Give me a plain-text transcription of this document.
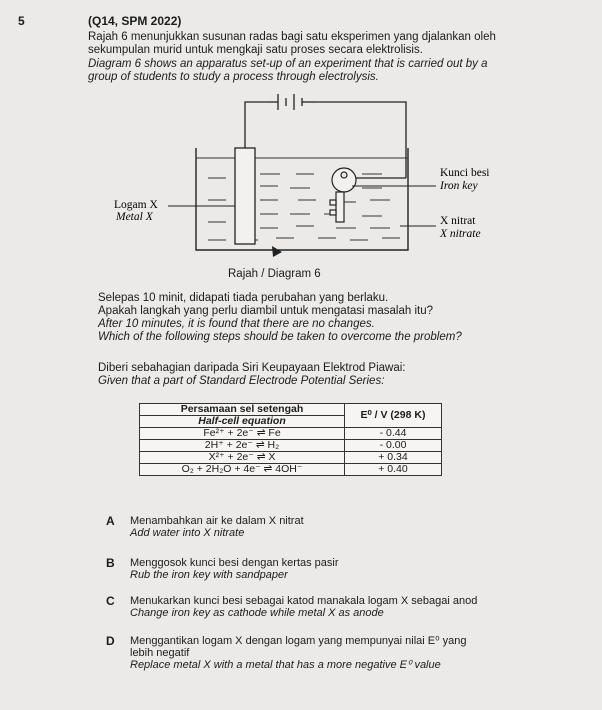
5	(Q14, SPM 2022)
Rajah 6 menunjukkan susunan radas bagi satu eksperimen yang djalankan oleh
sekumpulan murid untuk mengkaji satu proses secara elektrolisis.
Diagram 6 shows an apparatus set-up of an experiment that is carried out by a
group of students to study a process through electrolysis.
Logam X
Metal X
Kunci besi
Iron key
X nitrat
X nitrate
Rajah / Diagram 6
Selepas 10 minit, didapati tiada perubahan yang berlaku.
Apakah langkah yang perlu diambil untuk mengatasi masalah itu?
After 10 minutes, it is found that there are no changes.
Which of the following steps should be taken to overcome the problem?
Diberi sebahagian daripada Siri Keupayaan Elektrod Piawai:
Given that a part of Standard Electrode Potential Series:
Persamaan sel setengah	E⁰ / V (298 K)
Half-cell equation	
Fe²⁺ + 2e⁻ ⇌ Fe	- 0.44
2H⁺ + 2e⁻ ⇌ H₂	- 0.00
X²⁺ + 2e⁻ ⇌ X	+ 0.34
O₂ + 2H₂O + 4e⁻ ⇌ 4OH⁻	+ 0.40
A Menambahkan air ke dalam X nitrat
Add water into X nitrate
B Menggosok kunci besi dengan kertas pasir
Rub the iron key with sandpaper
C Menukarkan kunci besi sebagai katod manakala logam X sebagai anod
Change iron key as cathode while metal X as anode
D Menggantikan logam X dengan logam yang mempunyai nilai E⁰ yang
lebih negatif
Replace metal X with a metal that has a more negative E⁰ value
